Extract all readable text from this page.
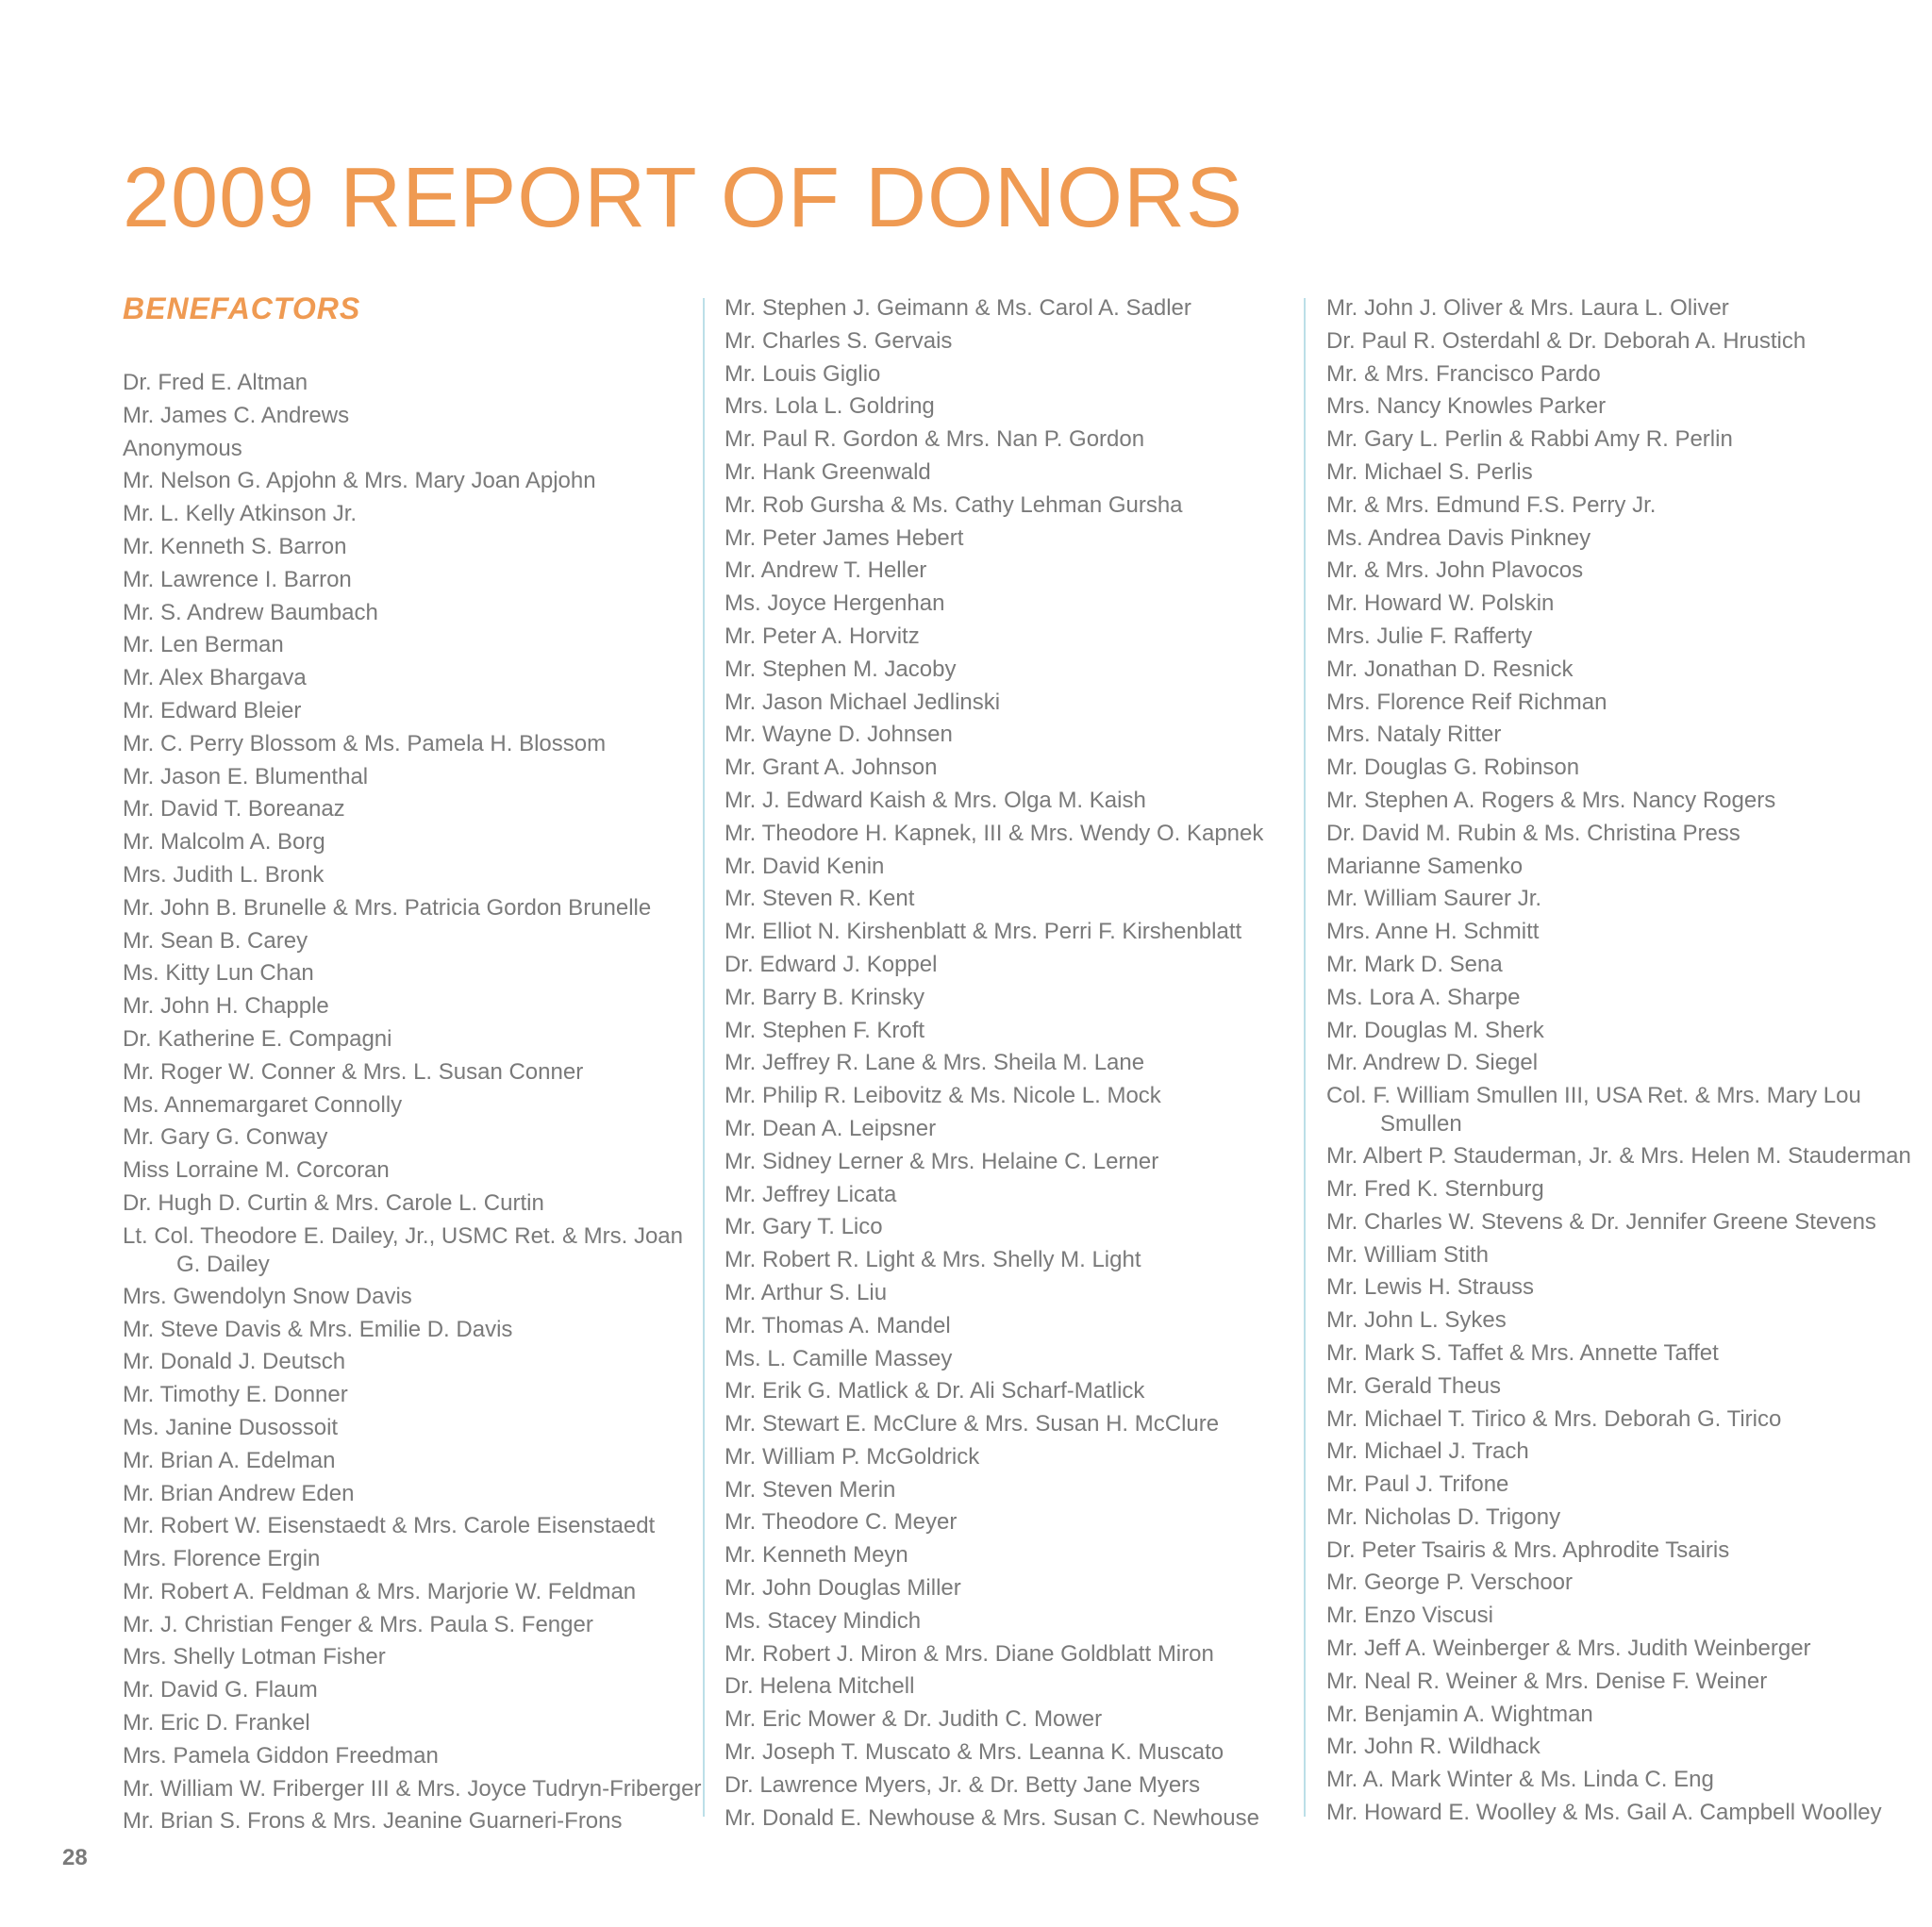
2009 REPORT OF DONORS
BENEFACTORS
Dr. Fred E. Altman
Mr. James C. Andrews
Anonymous
Mr. Nelson G. Apjohn & Mrs. Mary Joan Apjohn
Mr. L. Kelly Atkinson Jr.
Mr. Kenneth S. Barron
Mr. Lawrence I. Barron
Mr. S. Andrew Baumbach
Mr. Len Berman
Mr. Alex Bhargava
Mr. Edward Bleier
Mr. C. Perry Blossom & Ms. Pamela H. Blossom
Mr. Jason E. Blumenthal
Mr. David T. Boreanaz
Mr. Malcolm A. Borg
Mrs. Judith L. Bronk
Mr. John B. Brunelle & Mrs. Patricia Gordon Brunelle
Mr. Sean B. Carey
Ms. Kitty Lun Chan
Mr. John H. Chapple
Dr. Katherine E. Compagni
Mr. Roger W. Conner & Mrs. L. Susan Conner
Ms. Annemargaret Connolly
Mr. Gary G. Conway
Miss Lorraine M. Corcoran
Dr. Hugh D. Curtin & Mrs. Carole L. Curtin
Lt. Col. Theodore E. Dailey, Jr., USMC Ret. & Mrs. Joan G. Dailey
Mrs. Gwendolyn Snow Davis
Mr. Steve Davis & Mrs. Emilie D. Davis
Mr. Donald J. Deutsch
Mr. Timothy E. Donner
Ms. Janine Dusossoit
Mr. Brian A. Edelman
Mr. Brian Andrew Eden
Mr. Robert W. Eisenstaedt & Mrs. Carole Eisenstaedt
Mrs. Florence Ergin
Mr. Robert A. Feldman & Mrs. Marjorie W. Feldman
Mr. J. Christian Fenger & Mrs. Paula S. Fenger
Mrs. Shelly Lotman Fisher
Mr. David G. Flaum
Mr. Eric D. Frankel
Mrs. Pamela Giddon Freedman
Mr. William W. Friberger III & Mrs. Joyce Tudryn-Friberger
Mr. Brian S. Frons & Mrs. Jeanine Guarneri-Frons
Mr. Stephen J. Geimann & Ms. Carol A. Sadler
Mr. Charles S. Gervais
Mr. Louis Giglio
Mrs. Lola L. Goldring
Mr. Paul R. Gordon & Mrs. Nan P. Gordon
Mr. Hank Greenwald
Mr. Rob Gursha & Ms. Cathy Lehman Gursha
Mr. Peter James Hebert
Mr. Andrew T. Heller
Ms. Joyce Hergenhan
Mr. Peter A. Horvitz
Mr. Stephen M. Jacoby
Mr. Jason Michael Jedlinski
Mr. Wayne D. Johnsen
Mr. Grant A. Johnson
Mr. J. Edward Kaish & Mrs. Olga M. Kaish
Mr. Theodore H. Kapnek, III & Mrs. Wendy O. Kapnek
Mr. David Kenin
Mr. Steven R. Kent
Mr. Elliot N. Kirshenblatt & Mrs. Perri F. Kirshenblatt
Dr. Edward J. Koppel
Mr. Barry B. Krinsky
Mr. Stephen F. Kroft
Mr. Jeffrey R. Lane & Mrs. Sheila M. Lane
Mr. Philip R. Leibovitz & Ms. Nicole L. Mock
Mr. Dean A. Leipsner
Mr. Sidney Lerner & Mrs. Helaine C. Lerner
Mr. Jeffrey Licata
Mr. Gary T. Lico
Mr. Robert R. Light & Mrs. Shelly M. Light
Mr. Arthur S. Liu
Mr. Thomas A. Mandel
Ms. L. Camille Massey
Mr. Erik G. Matlick & Dr. Ali Scharf-Matlick
Mr. Stewart E. McClure & Mrs. Susan H. McClure
Mr. William P. McGoldrick
Mr. Steven Merin
Mr. Theodore C. Meyer
Mr. Kenneth Meyn
Mr. John Douglas Miller
Ms. Stacey Mindich
Mr. Robert J. Miron & Mrs. Diane Goldblatt Miron
Dr. Helena Mitchell
Mr. Eric Mower & Dr. Judith C. Mower
Mr. Joseph T. Muscato & Mrs. Leanna K. Muscato
Dr. Lawrence Myers, Jr. & Dr. Betty Jane Myers
Mr. Donald E. Newhouse & Mrs. Susan C. Newhouse
Mr. John J. Oliver & Mrs. Laura L. Oliver
Dr. Paul R. Osterdahl & Dr. Deborah A. Hrustich
Mr. & Mrs. Francisco Pardo
Mrs. Nancy Knowles Parker
Mr. Gary L. Perlin & Rabbi Amy R. Perlin
Mr. Michael S. Perlis
Mr. & Mrs. Edmund F.S. Perry Jr.
Ms. Andrea Davis Pinkney
Mr. & Mrs. John Plavocos
Mr. Howard W. Polskin
Mrs. Julie F. Rafferty
Mr. Jonathan D. Resnick
Mrs. Florence Reif Richman
Mrs. Nataly Ritter
Mr. Douglas G. Robinson
Mr. Stephen A. Rogers & Mrs. Nancy Rogers
Dr. David M. Rubin & Ms. Christina Press
Marianne Samenko
Mr. William Saurer Jr.
Mrs. Anne H. Schmitt
Mr. Mark D. Sena
Ms. Lora A. Sharpe
Mr. Douglas M. Sherk
Mr. Andrew D. Siegel
Col. F. William Smullen III, USA Ret. & Mrs. Mary Lou Smullen
Mr. Albert P. Stauderman, Jr. & Mrs. Helen M. Stauderman
Mr. Fred K. Sternburg
Mr. Charles W. Stevens & Dr. Jennifer Greene Stevens
Mr. William Stith
Mr. Lewis H. Strauss
Mr. John L. Sykes
Mr. Mark S. Taffet & Mrs. Annette Taffet
Mr. Gerald Theus
Mr. Michael T. Tirico & Mrs. Deborah G. Tirico
Mr. Michael J. Trach
Mr. Paul J. Trifone
Mr. Nicholas D. Trigony
Dr. Peter Tsairis & Mrs. Aphrodite Tsairis
Mr. George P. Verschoor
Mr. Enzo Viscusi
Mr. Jeff A. Weinberger & Mrs. Judith Weinberger
Mr. Neal R. Weiner & Mrs. Denise F. Weiner
Mr. Benjamin A. Wightman
Mr. John R. Wildhack
Mr. A. Mark Winter & Ms. Linda C. Eng
Mr. Howard E. Woolley & Ms. Gail A. Campbell Woolley
28
